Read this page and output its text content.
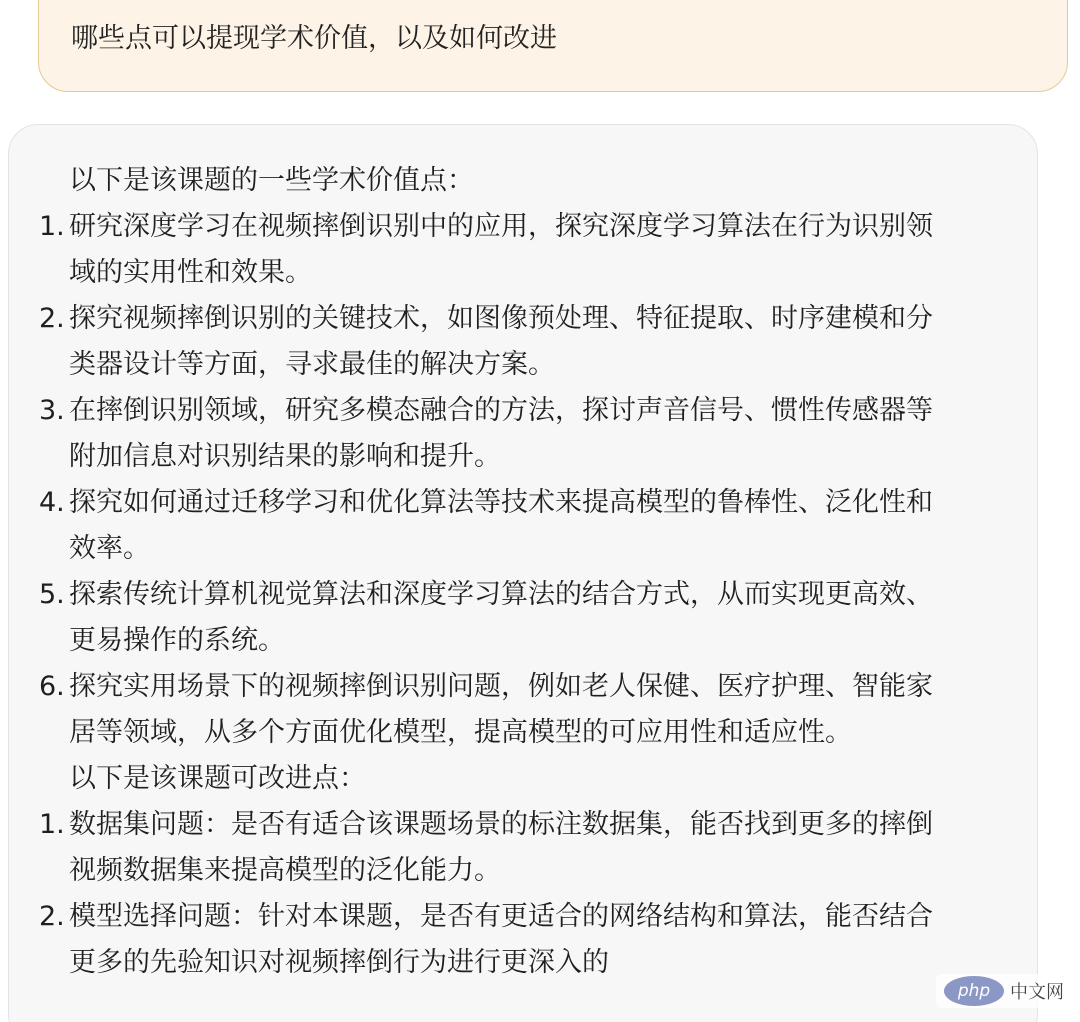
哪些点可以提现学术价值，以及如何改进
以下是该课题的一些学术价值点：
1. 研究深度学习在视频摔倒识别中的应用，探究深度学习算法在行为识别领
域的实用性和效果。
2. 探究视频摔倒识别的关键技术，如图像预处理、特征提取、时序建模和分
类器设计等方面，寻求最佳的解决方案。
3. 在摔倒识别领域，研究多模态融合的方法，探讨声音信号、惯性传感器等
附加信息对识别结果的影响和提升。
4. 探究如何通过迁移学习和优化算法等技术来提高模型的鲁棒性、泛化性和
效率。
5. 探索传统计算机视觉算法和深度学习算法的结合方式，从而实现更高效、
更易操作的系统。
6. 探究实用场景下的视频摔倒识别问题，例如老人保健、医疗护理、智能家
居等领域，从多个方面优化模型，提高模型的可应用性和适应性。
以下是该课题可改进点：
1. 数据集问题：是否有适合该课题场景的标注数据集，能否找到更多的摔倒
视频数据集来提高模型的泛化能力。
2. 模型选择问题：针对本课题，是否有更适合的网络结构和算法，能否结合
更多的先验知识对视频摔倒行为进行更深入的
php	中文网
